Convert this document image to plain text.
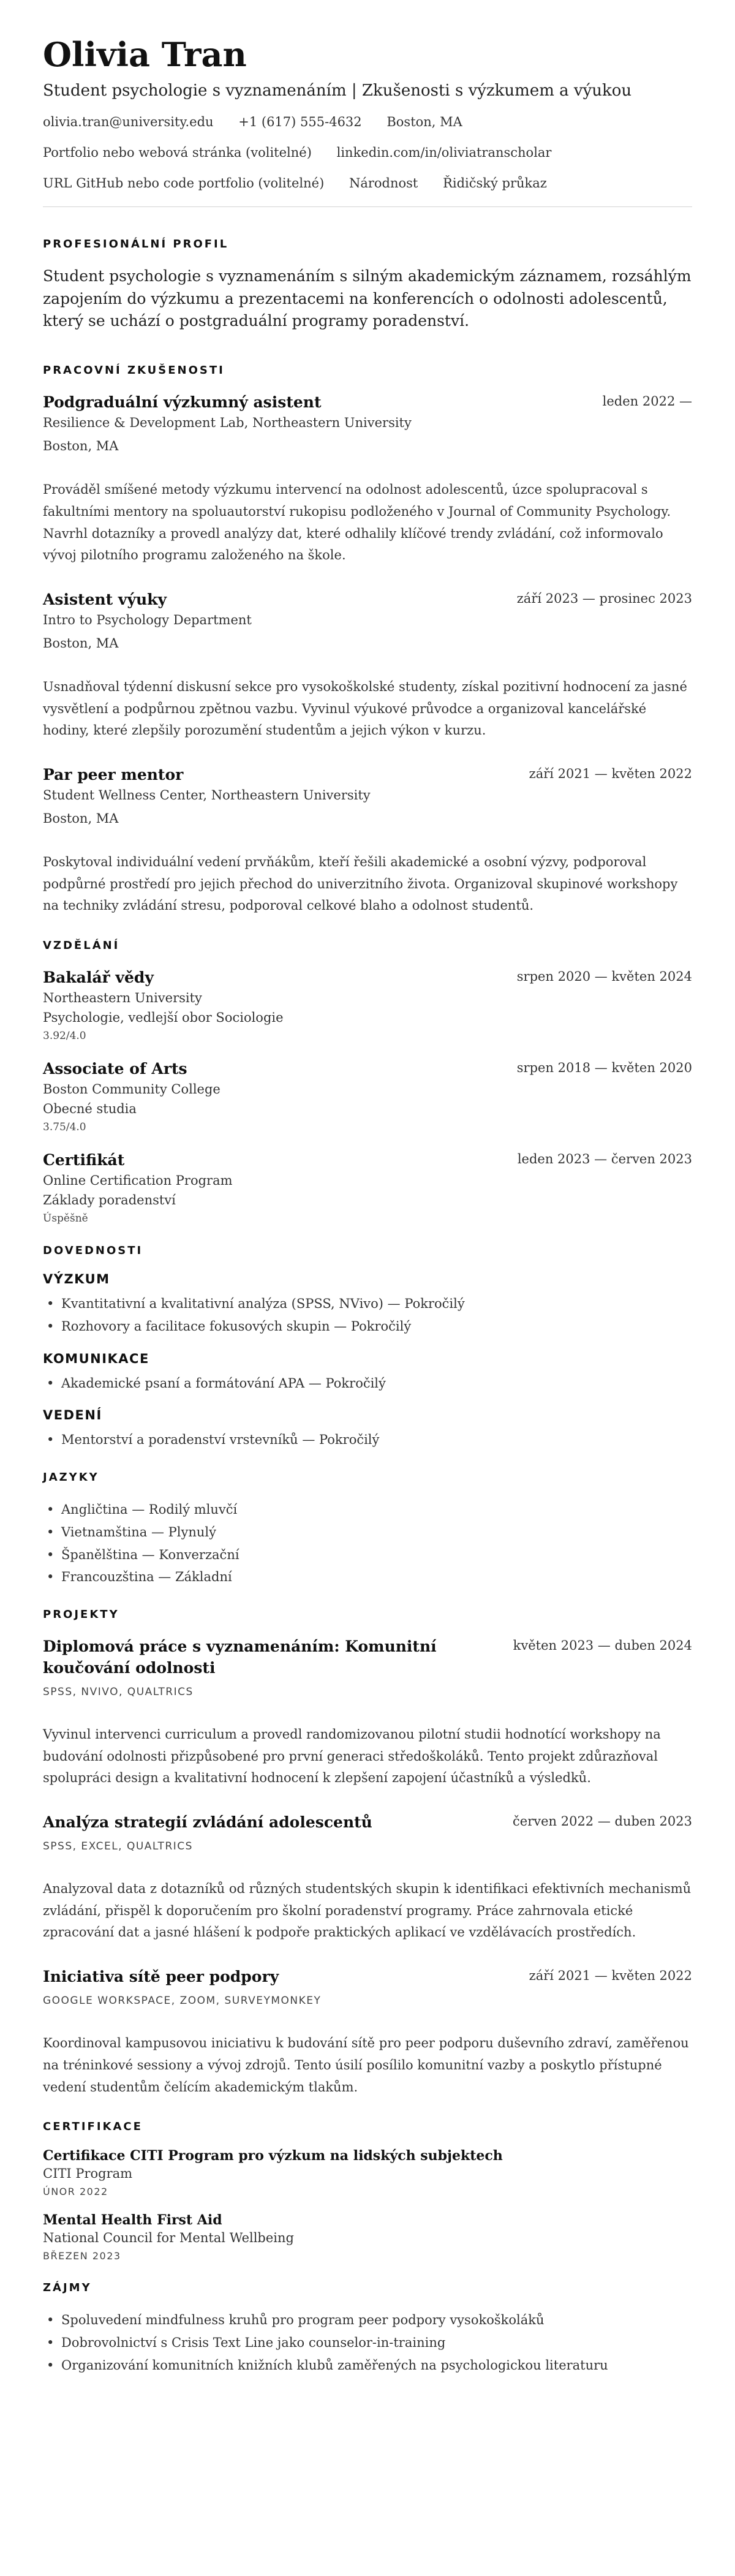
Olivia Tran
Student psychologie s vyznamenáním | Zkušenosti s výzkumem a výukou
olivia.tran@university.edu +1 (617) 555-4632 Boston, MA
Portfolio nebo webová stránka (volitelné) linkedin.com/in/oliviatranscholar
URL GitHub nebo code portfolio (volitelné) Národnost Řidičský průkaz
PROFESIONÁLNÍ PROFIL

Student psychologie s vyznamenáním s silným akademickým záznamem, rozsáhlým zapojením do výzkumu a prezentacemi na konferencích o odolnosti adolescentů, který se uchází o postgraduální programy poradenství.

PRACOVNÍ ZKUŠENOSTI
Podgraduální výzkumný asistent	leden 2022 —
Resilience & Development Lab, Northeastern University
Boston, MA

Prováděl smíšené metody výzkumu intervencí na odolnost adolescentů, úzce spolupracoval s fakultními mentory na spoluautorství rukopisu podloženého v Journal of Community Psychology. Navrhl dotazníky a provedl analýzy dat, které odhalily klíčové trendy zvládání, což informovalo vývoj pilotního programu založeného na škole.

Asistent výuky	září 2023 — prosinec 2023
Intro to Psychology Department
Boston, MA

Usnadňoval týdenní diskusní sekce pro vysokoškolské studenty, získal pozitivní hodnocení za jasné vysvětlení a podpůrnou zpětnou vazbu. Vyvinul výukové průvodce a organizoval kancelářské hodiny, které zlepšily porozumění studentům a jejich výkon v kurzu.

Par peer mentor	září 2021 — květen 2022
Student Wellness Center, Northeastern University
Boston, MA

Poskytoval individuální vedení prvňákům, kteří řešili akademické a osobní výzvy, podporoval podpůrné prostředí pro jejich přechod do univerzitního života. Organizoval skupinové workshopy na techniky zvládání stresu, podporoval celkové blaho a odolnost studentů.

VZDĚLÁNÍ
Bakalář vědy	srpen 2020 — květen 2024
Northeastern University
Psychologie, vedlejší obor Sociologie
3.92/4.0
Associate of Arts	srpen 2018 — květen 2020
Boston Community College
Obecné studia
3.75/4.0
Certifikát	leden 2023 — červen 2023
Online Certification Program
Základy poradenství
Úspěšně
DOVEDNOSTI
VÝZKUM
• Kvantitativní a kvalitativní analýza (SPSS, NVivo) — Pokročilý
• Rozhovory a facilitace fokusových skupin — Pokročilý
KOMUNIKACE
• Akademické psaní a formátování APA — Pokročilý
VEDENÍ
• Mentorství a poradenství vrstevníků — Pokročilý
JAZYKY
• Angličtina — Rodilý mluvčí
• Vietnamština — Plynulý
• Španělština — Konverzační
• Francouzština — Základní
PROJEKTY
Diplomová práce s vyznamenáním: Komunitní koučování odolnosti
květen 2023 — duben 2024
SPSS, NVIVO, QUALTRICS

Vyvinul intervenci curriculum a provedl randomizovanou pilotní studii hodnotící workshopy na budování odolnosti přizpůsobené pro první generaci středoškoláků. Tento projekt zdůrazňoval spolupráci design a kvalitativní hodnocení k zlepšení zapojení účastníků a výsledků.

Analýza strategií zvládání adolescentů	červen 2022 — duben 2023
SPSS, EXCEL, QUALTRICS

Analyzoval data z dotazníků od různých studentských skupin k identifikaci efektivních mechanismů zvládání, přispěl k doporučením pro školní poradenství programy. Práce zahrnovala etické zpracování dat a jasné hlášení k podpoře praktických aplikací ve vzdělávacích prostředích.

Iniciativa sítě peer podpory	září 2021 — květen 2022
GOOGLE WORKSPACE, ZOOM, SURVEYMONKEY

Koordinoval kampusovou iniciativu k budování sítě pro peer podporu duševního zdraví, zaměřenou na tréninkové sessiony a vývoj zdrojů. Tento úsilí posílilo komunitní vazby a poskytlo přístupné vedení studentům čelícím akademickým tlakům.

CERTIFIKACE
Certifikace CITI Program pro výzkum na lidských subjektech
CITI Program
ÚNOR 2022
Mental Health First Aid
National Council for Mental Wellbeing
BŘEZEN 2023
ZÁJMY
• Spoluvedení mindfulness kruhů pro program peer podpory vysokoškoláků
• Dobrovolnictví s Crisis Text Line jako counselor-in-training
• Organizování komunitních knižních klubů zaměřených na psychologickou literaturu
